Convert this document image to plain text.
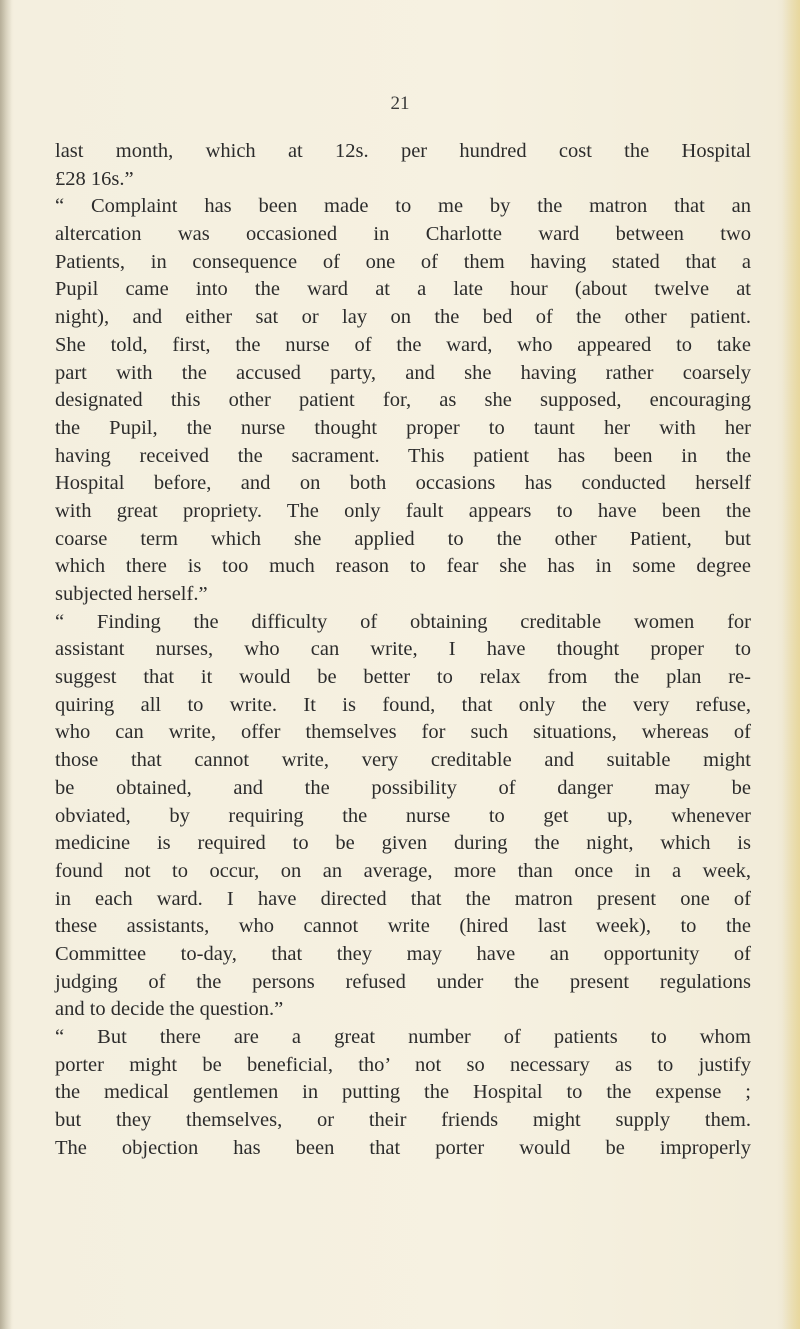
21
last month, which at 12s. per hundred cost the Hospital
£28 16s.”
“ Complaint has been made to me by the matron that an
altercation was occasioned in Charlotte ward between two
Patients, in consequence of one of them having stated that a
Pupil came into the ward at a late hour (about twelve at
night), and either sat or lay on the bed of the other patient.
She told, first, the nurse of the ward, who appeared to take
part with the accused party, and she having rather coarsely
designated this other patient for, as she supposed, encouraging
the Pupil, the nurse thought proper to taunt her with her
having received the sacrament. This patient has been in the
Hospital before, and on both occasions has conducted herself
with great propriety. The only fault appears to have been the
coarse term which she applied to the other Patient, but
which there is too much reason to fear she has in some degree
subjected herself.”
“ Finding the difficulty of obtaining creditable women for
assistant nurses, who can write, I have thought proper to
suggest that it would be better to relax from the plan re-
quiring all to write. It is found, that only the very refuse,
who can write, offer themselves for such situations, whereas of
those that cannot write, very creditable and suitable might
be obtained, and the possibility of danger may be
obviated, by requiring the nurse to get up, whenever
medicine is required to be given during the night, which is
found not to occur, on an average, more than once in a week,
in each ward. I have directed that the matron present one of
these assistants, who cannot write (hired last week), to the
Committee to-day, that they may have an opportunity of
judging of the persons refused under the present regulations
and to decide the question.”
“ But there are a great number of patients to whom
porter might be beneficial, tho’ not so necessary as to justify
the medical gentlemen in putting the Hospital to the expense ;
but they themselves, or their friends might supply them.
The objection has been that porter would be improperly
